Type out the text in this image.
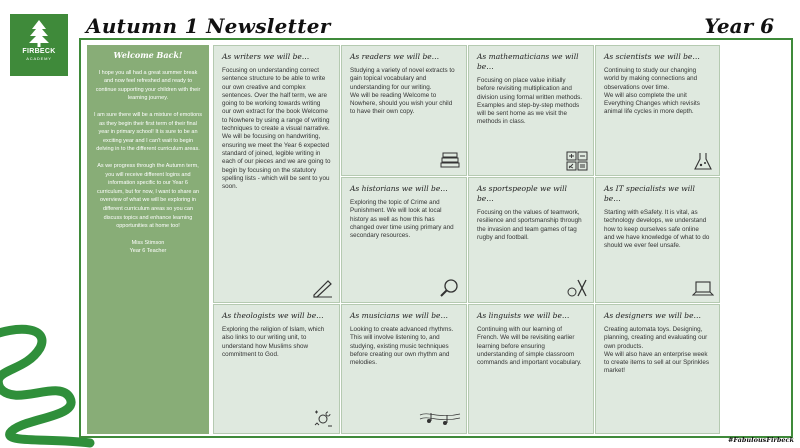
FIRBECK
ACADEMY
Autumn 1 Newsletter	Year 6
Welcome Back!

I hope you all had a great summer break and now feel refreshed and ready to continue supporting your children with their learning journey.

I am sure there will be a mixture of emotions as they begin their first term of their final year in primary school! It is sure to be an exciting year and I can't wait to begin delving in to the different curriculum areas.

As we progress through the Autumn term, you will receive different logins and information specific to our Year 6 curriculum, but for now, I want to share an overview of what we will be exploring in different curriculum areas so you can discuss topics and enhance learning opportunities at home too!

Miss Stimson
Year 6 Teacher
As writers we will be…

Focusing on understanding correct sentence structure to be able to write our own creative and complex sentences. Over the half term, we are going to be working towards writing our own extract for the book Welcome to Nowhere by using a range of writing techniques to create a visual narrative.
We will be focusing on handwriting, ensuring we meet the Year 6 expected standard of joined, legible writing in each of our pieces and we are going to begin by focusing on the statutory spelling lists - which will be sent to you soon.

As readers we will be…

Studying a variety of novel extracts to gain topical vocabulary and understanding for our writing.
We will be reading Welcome to Nowhere, should you wish your child to have their own copy.

As mathematicians we will be…

Focusing on place value initially before revisiting multiplication and division using formal written methods. Examples and step-by-step methods will be sent home as we visit the methods in class.

As scientists we will be…

Continuing to study our changing world by making connections and observations over time.
We will also complete the unit Everything Changes which revisits animal life cycles in more depth.

As historians we will be…

Exploring the topic of Crime and Punishment. We will look at local history as well as how this has changed over time using primary and secondary resources.

As sportspeople we will be…

Focusing on the values of teamwork, resilience and sportsmanship through the invasion and team games of tag rugby and football.

As IT specialists we will be…

Starting with eSafety. It is vital, as technology develops, we understand how to keep ourselves safe online and we have knowledge of what to do should we ever feel unsafe.

As theologists we will be…

Exploring the religion of Islam, which also links to our writing unit, to understand how Muslims show commitment to God.

As musicians we will be…

Looking to create advanced rhythms. This will involve listening to, and studying, existing music techniques before creating our own rhythm and melodies.

As linguists we will be…

Continuing with our learning of French. We will be revisiting earlier learning before ensuring understanding of simple classroom commands and important vocabulary.

As designers we will be…

Creating automata toys. Designing, planning, creating and evaluating our own products.
We will also have an enterprise week to create items to sell at our Sprinkles market!

#FabulousFirbeck
